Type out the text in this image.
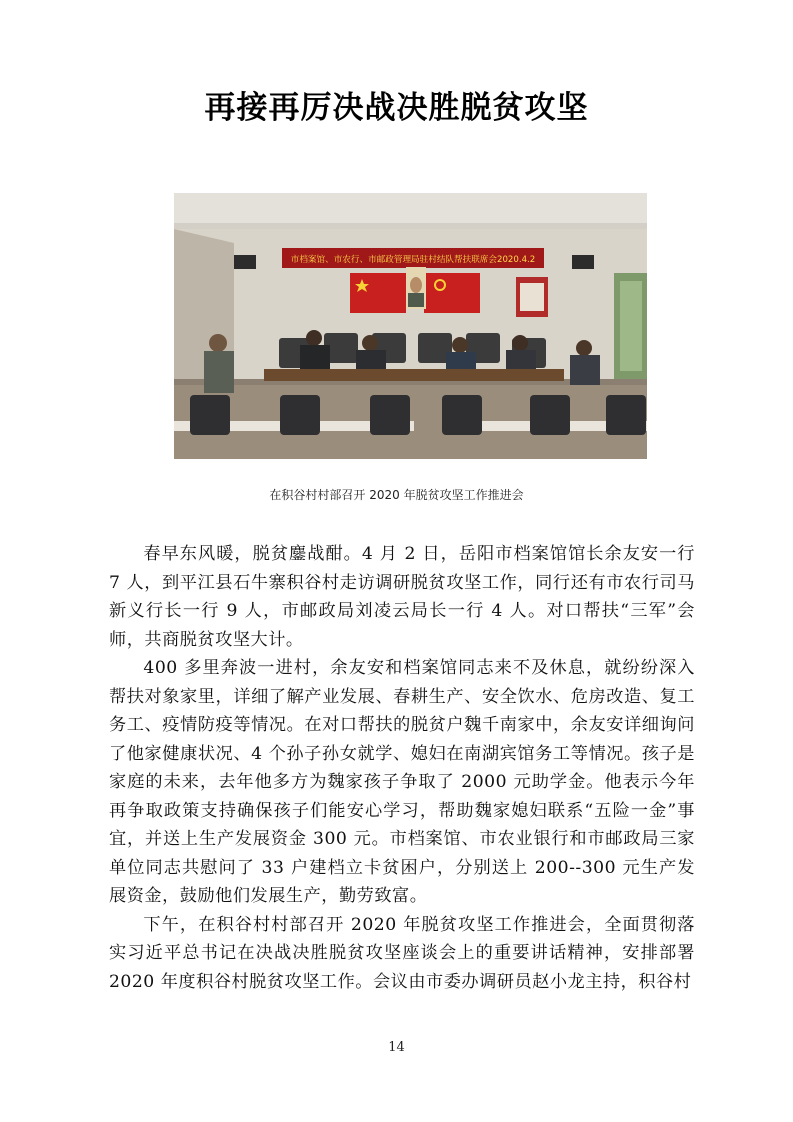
再接再厉决战决胜脱贫攻坚
市档案馆、市农行、市邮政管理局驻村结队帮扶联席会2020.4.2
在积谷村村部召开 2020 年脱贫攻坚工作推进会

春早东风暖，脱贫鏖战酣。4 月 2 日，岳阳市档案馆馆长余友安一行 7 人，到平江县石牛寨积谷村走访调研脱贫攻坚工作，同行还有市农行司马新义行长一行 9 人，市邮政局刘凌云局长一行 4 人。对口帮扶“三军”会师，共商脱贫攻坚大计。

400 多里奔波一进村，余友安和档案馆同志来不及休息，就纷纷深入帮扶对象家里，详细了解产业发展、春耕生产、安全饮水、危房改造、复工务工、疫情防疫等情况。在对口帮扶的脱贫户魏千南家中，余友安详细询问了他家健康状况、4 个孙子孙女就学、媳妇在南湖宾馆务工等情况。孩子是家庭的未来，去年他多方为魏家孩子争取了 2000 元助学金。他表示今年再争取政策支持确保孩子们能安心学习，帮助魏家媳妇联系“五险一金”事宜，并送上生产发展资金 300 元。市档案馆、市农业银行和市邮政局三家单位同志共慰问了 33 户建档立卡贫困户，分别送上 200--300 元生产发展资金，鼓励他们发展生产，勤劳致富。

下午，在积谷村村部召开 2020 年脱贫攻坚工作推进会，全面贯彻落实习近平总书记在决战决胜脱贫攻坚座谈会上的重要讲话精神，安排部署 2020 年度积谷村脱贫攻坚工作。会议由市委办调研员赵小龙主持，积谷村

14
